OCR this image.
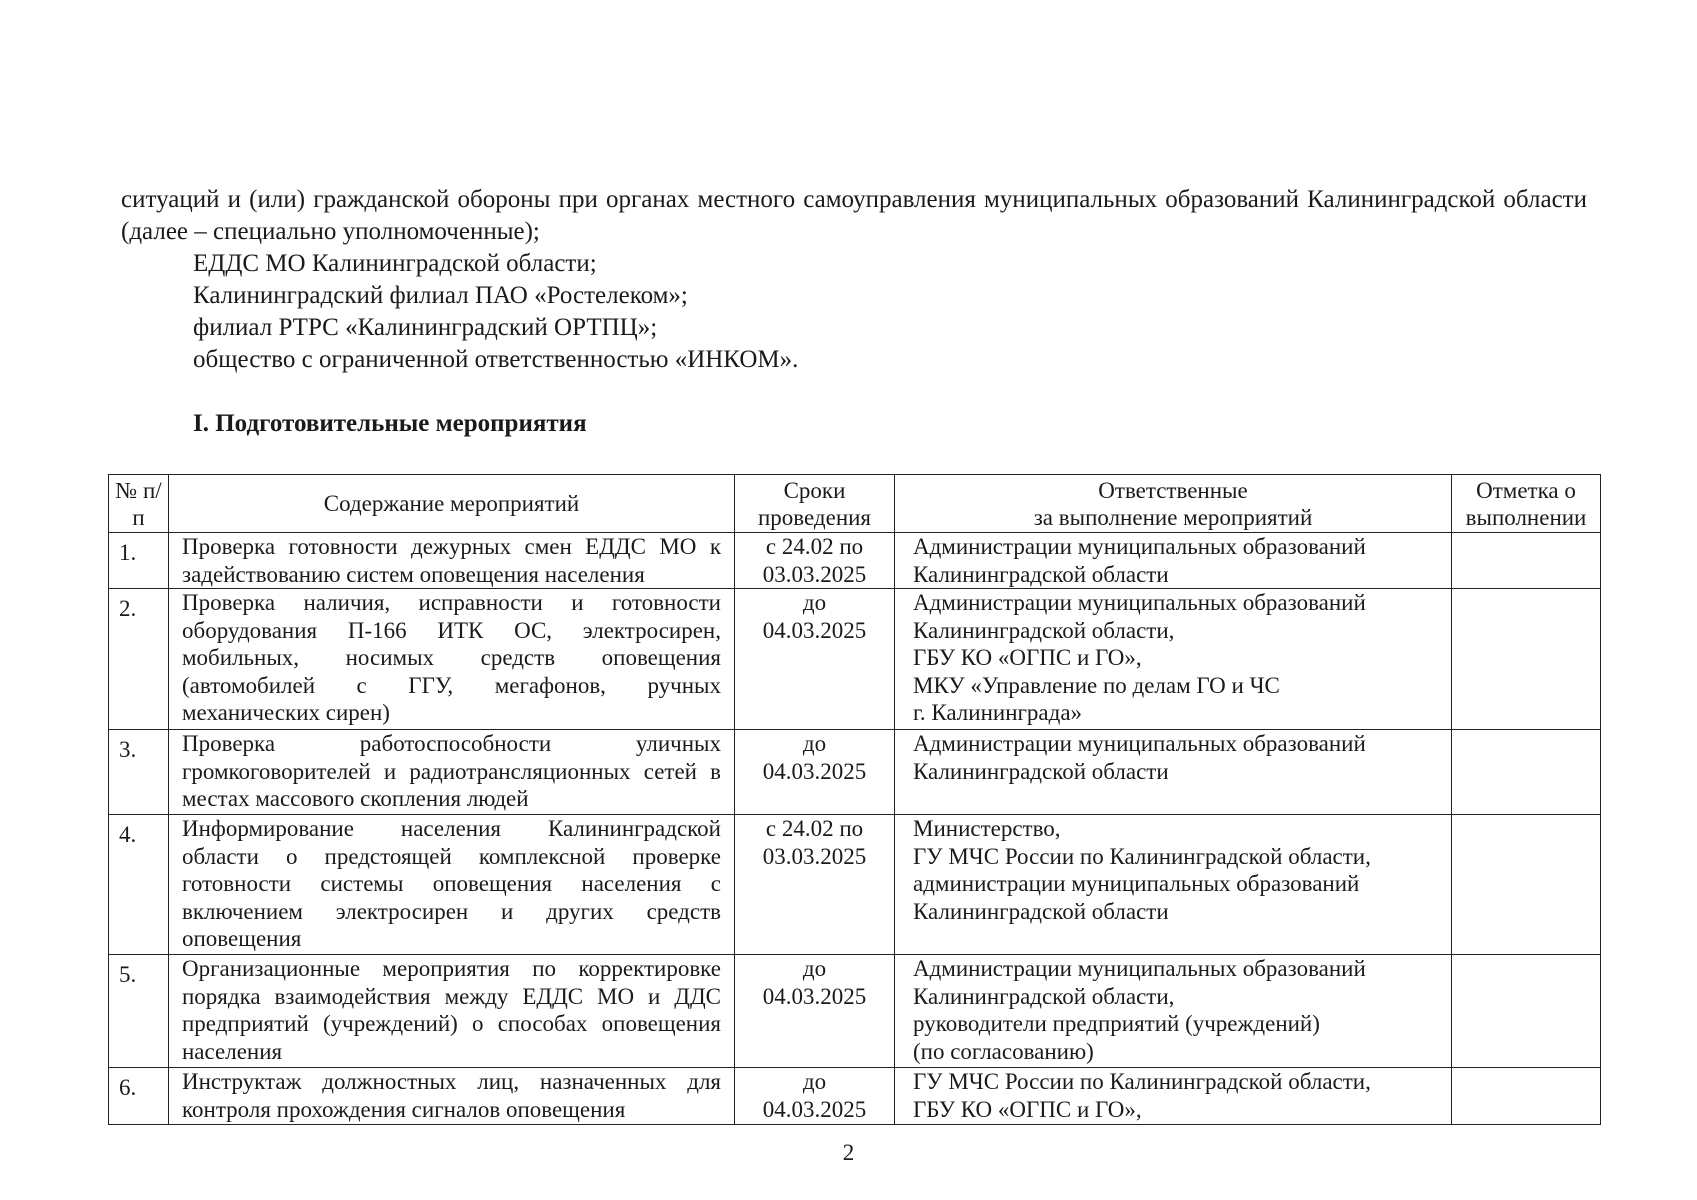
ситуаций и (или) гражданской обороны при органах местного самоуправления муниципальных образований Калининградской области (далее – специально уполномоченные);

ЕДДС МО Калининградской области;

Калининградский филиал ПАО «Ростелеком»;

филиал РТРС «Калининградский ОРТПЦ»;

общество с ограниченной ответственностью «ИНКОМ».

I. Подготовительные мероприятия
№ п/п	Содержание мероприятий	Сроки проведения	Ответственные
за выполнение мероприятий	Отметка о выполнении
1.	Проверка готовности дежурных смен ЕДДС МО к задействованию систем оповещения населения	с 24.02 по
03.03.2025	Администрации муниципальных образований
Калининградской области	

2.	Проверка наличия, исправности и готовности оборудования П-166 ИТК ОС, электросирен, мобильных, носимых средств оповещения (автомобилей с ГГУ, мегафонов, ручных механических сирен)	до
04.03.2025	Администрации муниципальных образований
Калининградской области,
ГБУ КО «ОГПС и ГО»,
МКУ «Управление по делам ГО и ЧС
г. Калининграда»	

3.	Проверка работоспособности уличных громкоговорителей и радиотрансляционных сетей в местах массового скопления людей	до
04.03.2025	Администрации муниципальных образований
Калининградской области	

4.	Информирование населения Калининградской области о предстоящей комплексной проверке готовности системы оповещения населения с включением электросирен и других средств оповещения	с 24.02 по
03.03.2025	Министерство,
ГУ МЧС России по Калининградской области,
администрации муниципальных образований
Калининградской области	

5.	Организационные мероприятия по корректировке порядка взаимодействия между ЕДДС МО и ДДС предприятий (учреждений) о способах оповещения населения	до
04.03.2025	Администрации муниципальных образований
Калининградской области,
руководители предприятий (учреждений)
(по согласованию)	

6.	Инструктаж должностных лиц, назначенных для контроля прохождения сигналов оповещения	до
04.03.2025	ГУ МЧС России по Калининградской области,
ГБУ КО «ОГПС и ГО»,	

2
